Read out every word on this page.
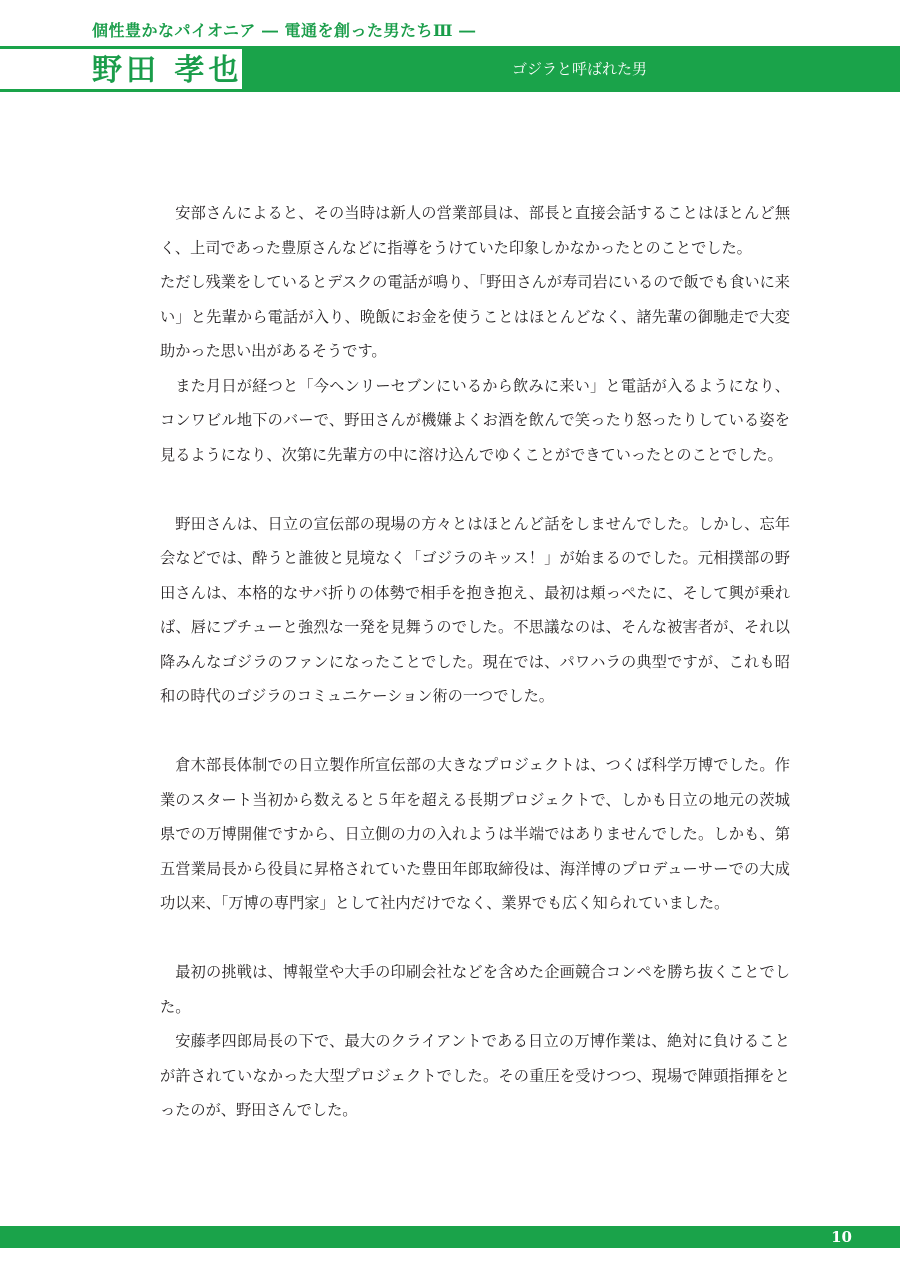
個性豊かなパイオニア ― 電通を創った男たちⅢ ―
ゴジラと呼ばれた男
野田 孝也

安部さんによると、その当時は新人の営業部員は、部長と直接会話することはほとんど無く、上司であった豊原さんなどに指導をうけていた印象しかなかったとのことでした。

ただし残業をしているとデスクの電話が鳴り、「野田さんが寿司岩にいるので飯でも食いに来い」と先輩から電話が入り、晩飯にお金を使うことはほとんどなく、諸先輩の御馳走で大変助かった思い出があるそうです。

また月日が経つと「今ヘンリーセブンにいるから飲みに来い」と電話が入るようになり、コンワビル地下のバーで、野田さんが機嫌よくお酒を飲んで笑ったり怒ったりしている姿を見るようになり、次第に先輩方の中に溶け込んでゆくことができていったとのことでした。

野田さんは、日立の宣伝部の現場の方々とはほとんど話をしませんでした。しかし、忘年会などでは、酔うと誰彼と見境なく「ゴジラのキッス！」が始まるのでした。元相撲部の野田さんは、本格的なサバ折りの体勢で相手を抱き抱え、最初は頬っぺたに、そして興が乗れば、唇にブチューと強烈な一発を見舞うのでした。不思議なのは、そんな被害者が、それ以降みんなゴジラのファンになったことでした。現在では、パワハラの典型ですが、これも昭和の時代のゴジラのコミュニケーション術の一つでした。

倉木部長体制での日立製作所宣伝部の大きなプロジェクトは、つくば科学万博でした。作業のスタート当初から数えると５年を超える長期プロジェクトで、しかも日立の地元の茨城県での万博開催ですから、日立側の力の入れようは半端ではありませんでした。しかも、第五営業局長から役員に昇格されていた豊田年郎取締役は、海洋博のプロデューサーでの大成功以来、「万博の専門家」として社内だけでなく、業界でも広く知られていました。

最初の挑戦は、博報堂や大手の印刷会社などを含めた企画競合コンペを勝ち抜くことでした。

安藤孝四郎局長の下で、最大のクライアントである日立の万博作業は、絶対に負けることが許されていなかった大型プロジェクトでした。その重圧を受けつつ、現場で陣頭指揮をとったのが、野田さんでした。

10
